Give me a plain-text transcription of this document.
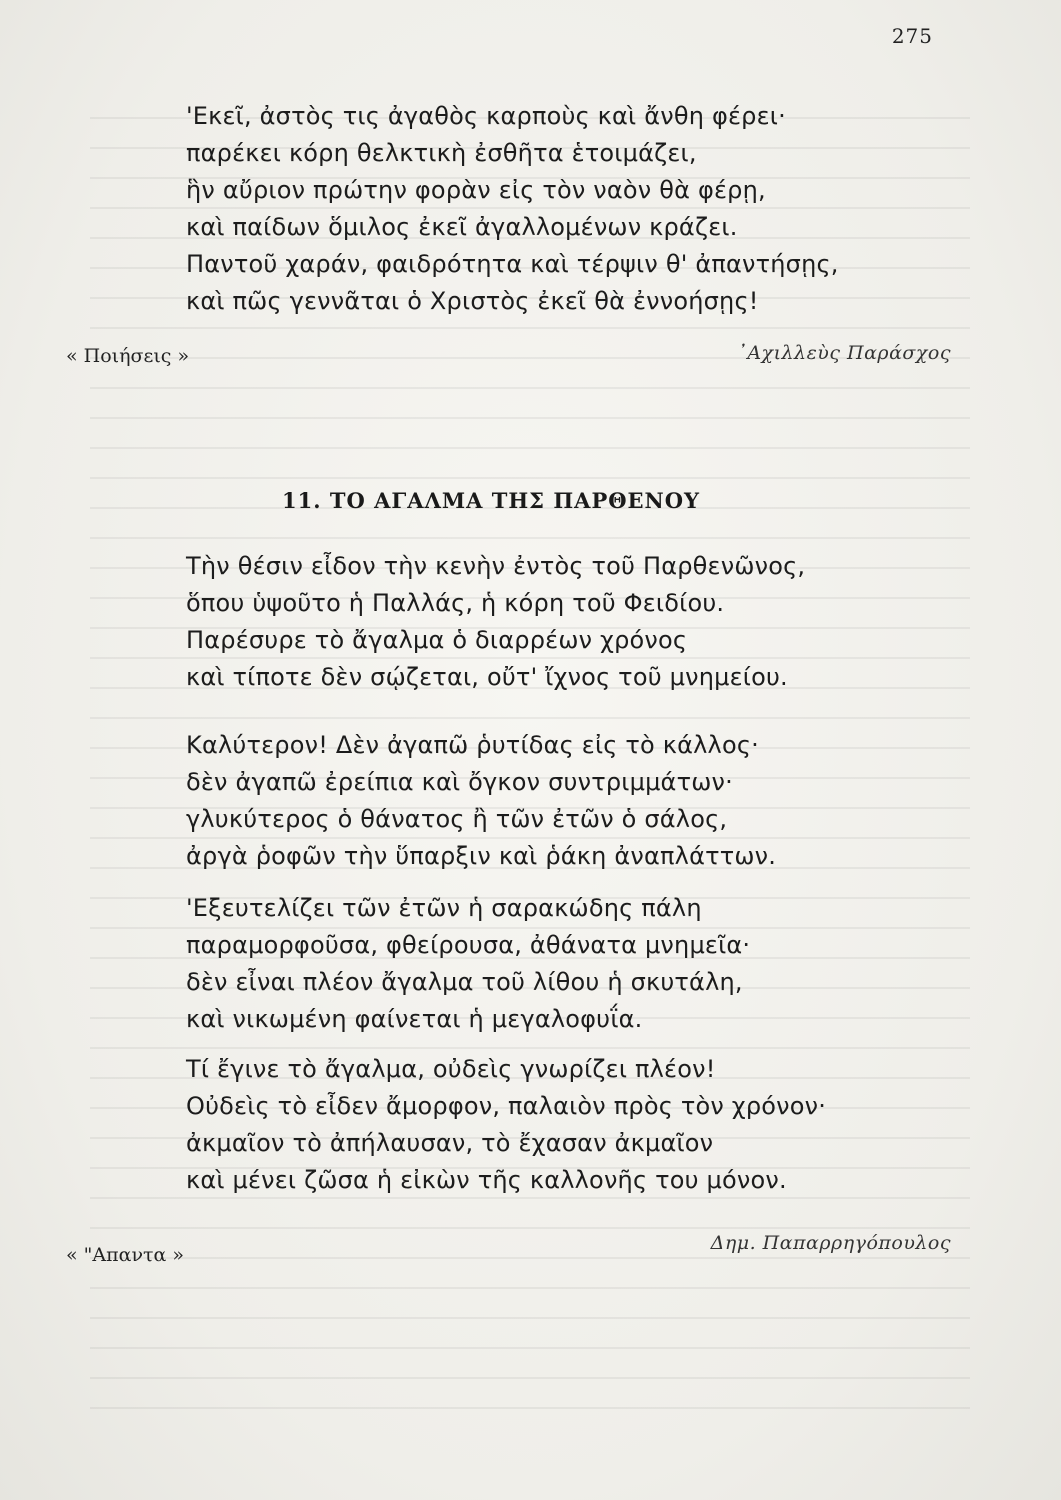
275
'Εκεῖ, ἀστὸς τις ἀγαθὸς καρποὺς καὶ ἄνθη φέρει·
παρέκει κόρη θελκτικὴ ἐσθῆτα ἑτοιμάζει,
ἣν αὔριον πρώτην φορὰν εἰς τὸν ναὸν θὰ φέρῃ,
καὶ παίδων ὅμιλος ἐκεῖ ἀγαλλομένων κράζει.
Παντοῦ χαράν, φαιδρότητα καὶ τέρψιν θ' ἀπαντήσῃς,
καὶ πῶς γεννᾶται ὁ Χριστὸς ἐκεῖ θὰ ἐννοήσῃς!
« Ποιήσεις »	᾿Αχιλλεὺς Παράσχος
11. ΤΟ ΑΓΑΛΜΑ ΤΗΣ ΠΑΡΘΕΝΟΥ
Τὴν θέσιν εἶδον τὴν κενὴν ἐντὸς τοῦ Παρθενῶνος,
ὅπου ὑψοῦτο ἡ Παλλάς, ἡ κόρη τοῦ Φειδίου.
Παρέσυρε τὸ ἄγαλμα ὁ διαρρέων χρόνος
καὶ τίποτε δὲν σῴζεται, οὔτ' ἴχνος τοῦ μνημείου.
Καλύτερον! Δὲν ἀγαπῶ ῥυτίδας εἰς τὸ κάλλος·
δὲν ἀγαπῶ ἐρείπια καὶ ὄγκον συντριμμάτων·
γλυκύτερος ὁ θάνατος ἢ τῶν ἐτῶν ὁ σάλος,
ἀργὰ ῥοφῶν τὴν ὕπαρξιν καὶ ῥάκη ἀναπλάττων.
'Εξευτελίζει τῶν ἐτῶν ἡ σαρακώδης πάλη
παραμορφοῦσα, φθείρουσα, ἀθάνατα μνημεῖα·
δὲν εἶναι πλέον ἄγαλμα τοῦ λίθου ἡ σκυτάλη,
καὶ νικωμένη φαίνεται ἡ μεγαλοφυΐα.
Τί ἔγινε τὸ ἄγαλμα, οὐδεὶς γνωρίζει πλέον!
Οὐδεὶς τὸ εἶδεν ἄμορφον, παλαιὸν πρὸς τὸν χρόνον·
ἀκμαῖον τὸ ἀπήλαυσαν, τὸ ἔχασαν ἀκμαῖον
καὶ μένει ζῶσα ἡ εἰκὼν τῆς καλλονῆς του μόνον.
« "Απαντα »
Δημ. Παπαρρηγόπουλος
